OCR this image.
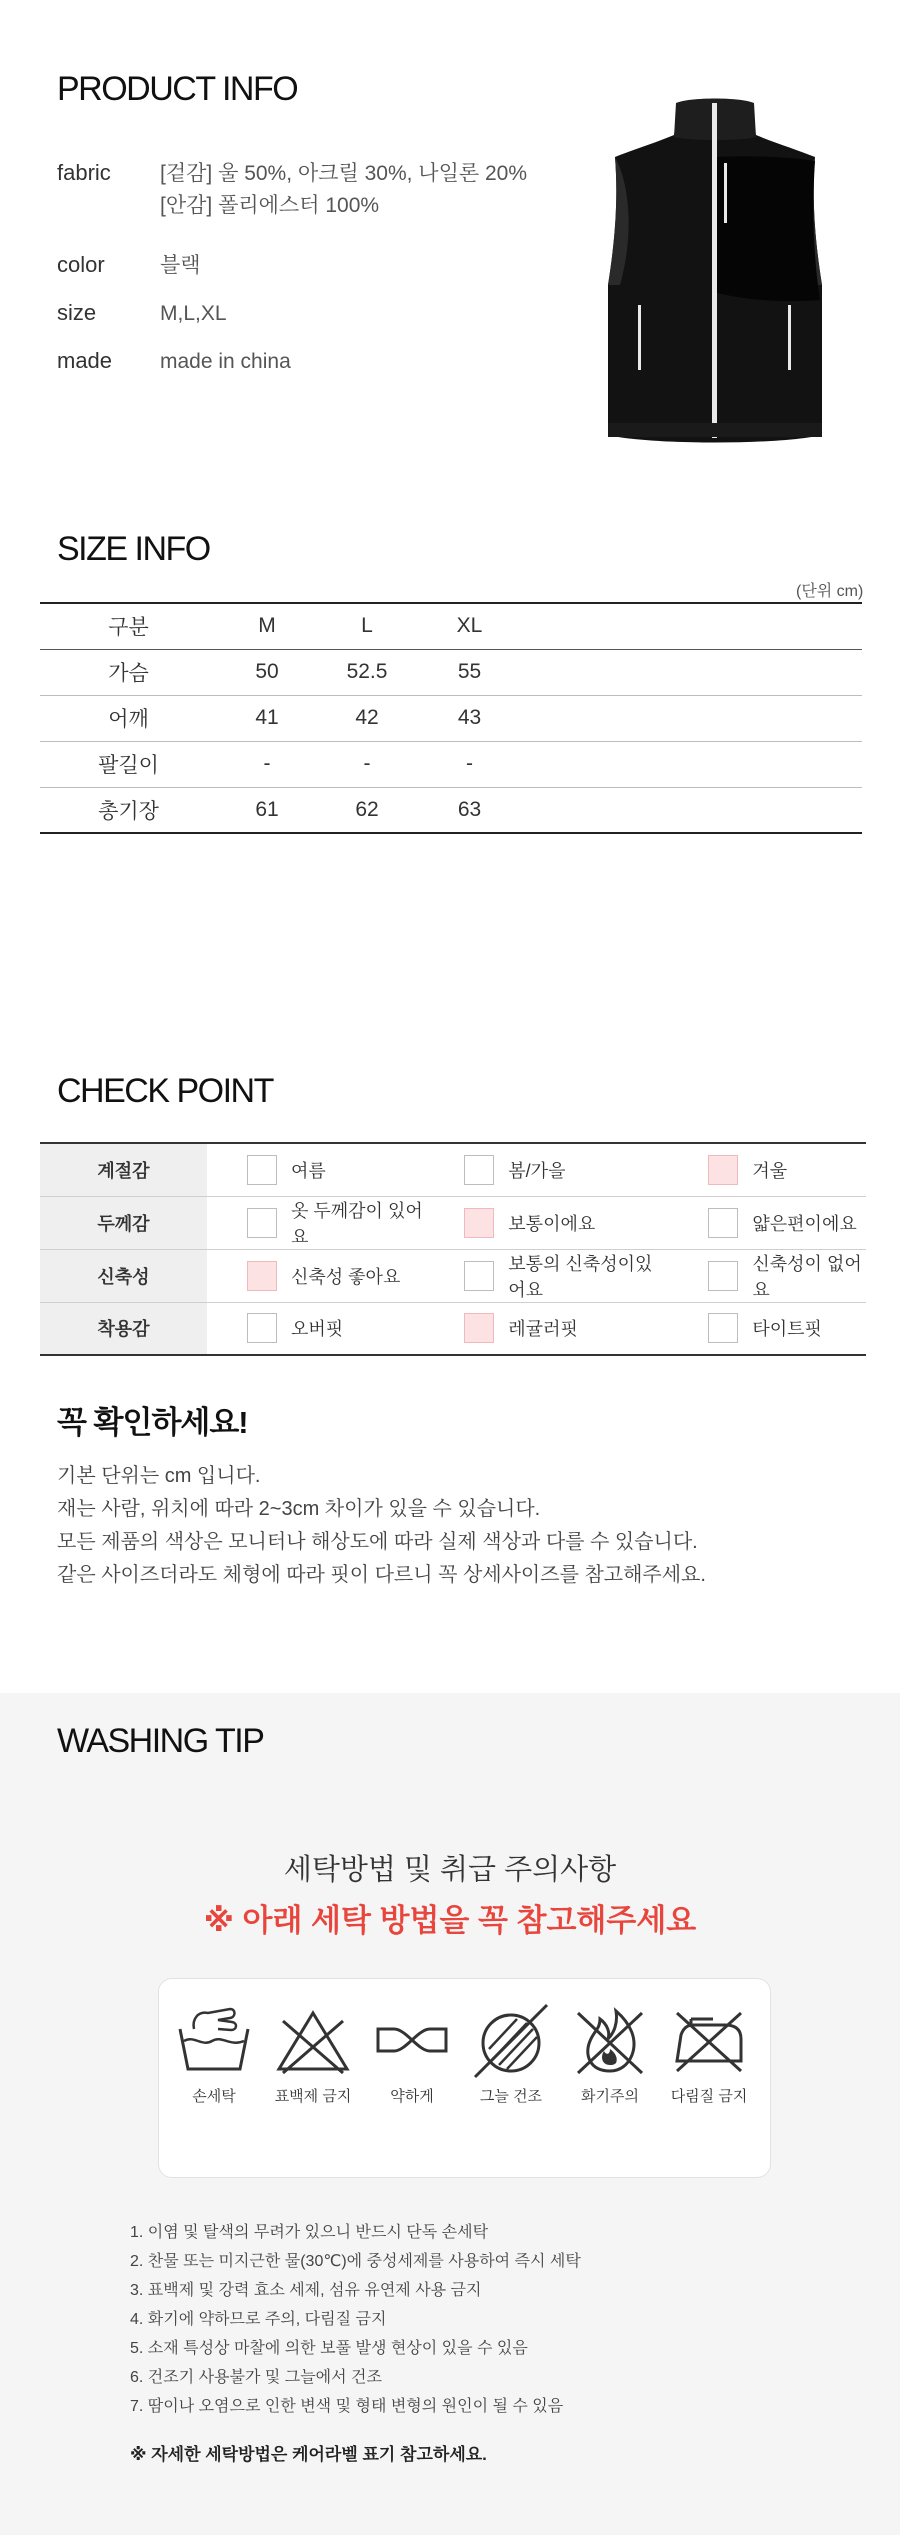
PRODUCT INFO
fabric [겉감] 울 50%, 아크릴 30%, 나일론 20%
[안감] 폴리에스터 100%
color	블랙
size	M,L,XL
made made in china
SIZE INFO
(단위 cm)
구분	M	L	XL	
가슴	50	52.5	55	
어깨	41	42	43	
팔길이	-	-	-	
총기장	61	62	63	
CHECK POINT
계절감	여름	봄/가을	겨울

두께감	옷 두께감이 있어요	보통이에요	얇은편이에요

신축성	신축성 좋아요	보통의 신축성이있어요	신축성이 없어요

착용감	오버핏	레귤러핏	타이트핏
꼭 확인하세요!
기본 단위는 cm 입니다.
재는 사람, 위치에 따라 2~3cm 차이가 있을 수 있습니다.
모든 제품의 색상은 모니터나 해상도에 따라 실제 색상과 다를 수 있습니다.
같은 사이즈더라도 체형에 따라 핏이 다르니 꼭 상세사이즈를 참고해주세요.
WASHING TIP
세탁방법 및 취급 주의사항
※ 아래 세탁 방법을 꼭 참고해주세요
손세탁	표백제 금지	약하게	그늘 건조	화기주의	다림질 금지
1. 이염 및 탈색의 무려가 있으니 반드시 단독 손세탁
2. 찬물 또는 미지근한 물(30℃)에 중성세제를 사용하여 즉시 세탁
3. 표백제 및 강력 효소 세제, 섬유 유연제 사용 금지
4. 화기에 약하므로 주의, 다림질 금지
5. 소재 특성상 마찰에 의한 보풀 발생 현상이 있을 수 있음
6. 건조기 사용불가 및 그늘에서 건조
7. 땀이나 오염으로 인한 변색 및 형태 변형의 원인이 될 수 있음
※ 자세한 세탁방법은 케어라벨 표기 참고하세요.
